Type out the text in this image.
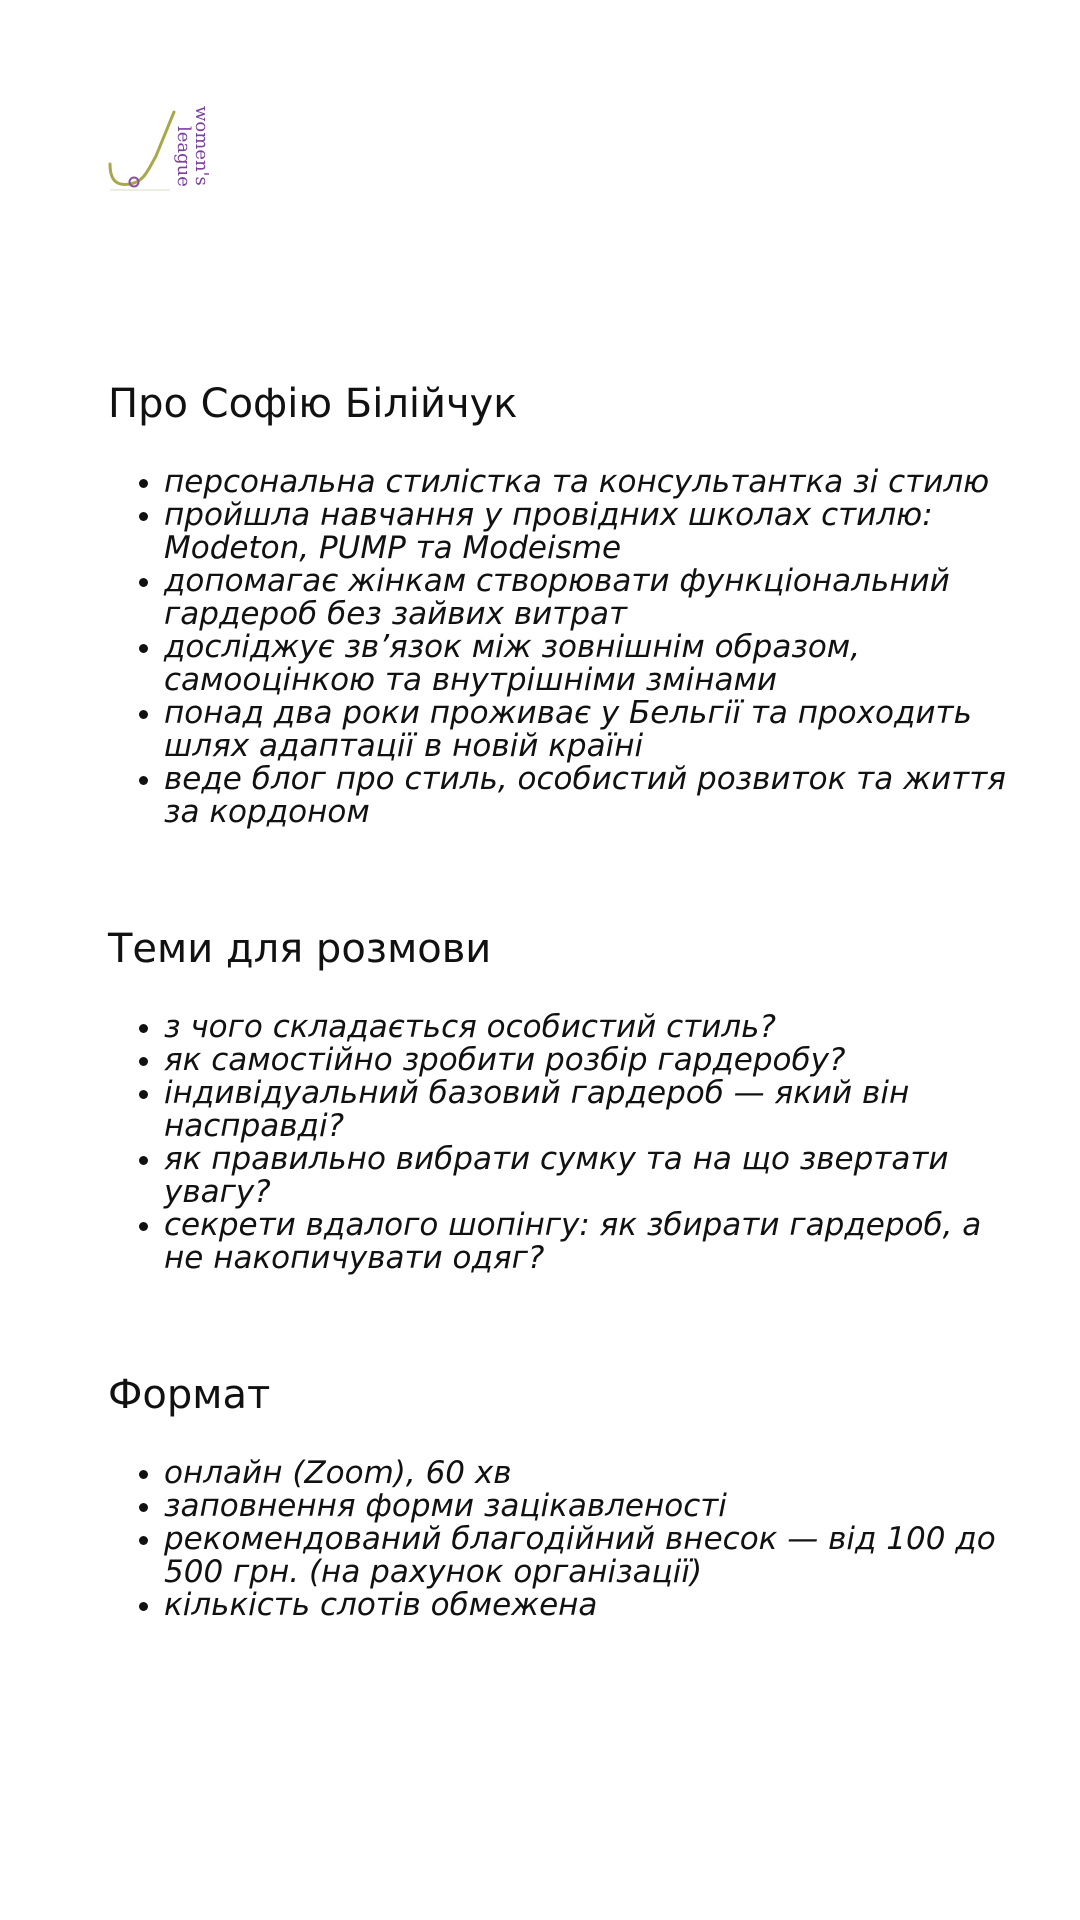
women's
league
Про Софію Білійчук
персональна стилістка та консультантка зі стилю
пройшла навчання у провідних школах стилю: Modeton, PUMP та Modeisme
допомагає жінкам створювати функціональний гардероб без зайвих витрат
досліджує зв’язок між зовнішнім образом, самооцінкою та внутрішніми змінами
понад два роки проживає у Бельгії та проходить шлях адаптації в новій країні
веде блог про стиль, особистий розвиток та життя за кордоном
Теми для розмови
з чого складається особистий стиль?
як самостійно зробити розбір гардеробу?
індивідуальний базовий гардероб — який він насправді?
як правильно вибрати сумку та на що звертати увагу?
секрети вдалого шопінгу: як збирати гардероб, а не накопичувати одяг?
Формат
онлайн (Zoom), 60 хв
заповнення форми зацікавленості
рекомендований благодійний внесок — від 100 до 500 грн. (на рахунок організації)
кількість слотів обмежена
